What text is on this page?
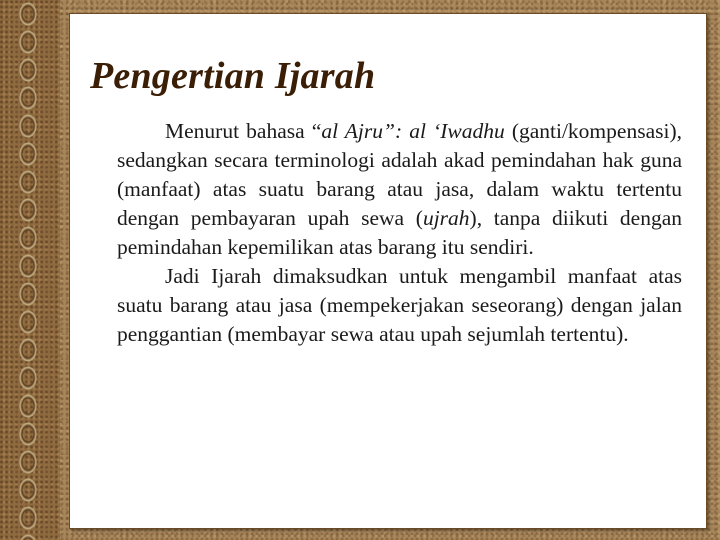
Pengertian Ijarah

Menurut bahasa “al Ajru”: al ‘Iwadhu (ganti/kompensasi), sedangkan secara terminologi adalah akad pemindahan hak guna (manfaat) atas suatu barang atau jasa, dalam waktu tertentu dengan pembayaran upah sewa (ujrah), tanpa diikuti dengan pemindahan kepemilikan atas barang itu sendiri.

Jadi Ijarah dimaksudkan untuk mengambil manfaat atas suatu barang atau jasa (mempekerjakan seseorang) dengan jalan penggantian (membayar sewa atau upah sejumlah tertentu).
